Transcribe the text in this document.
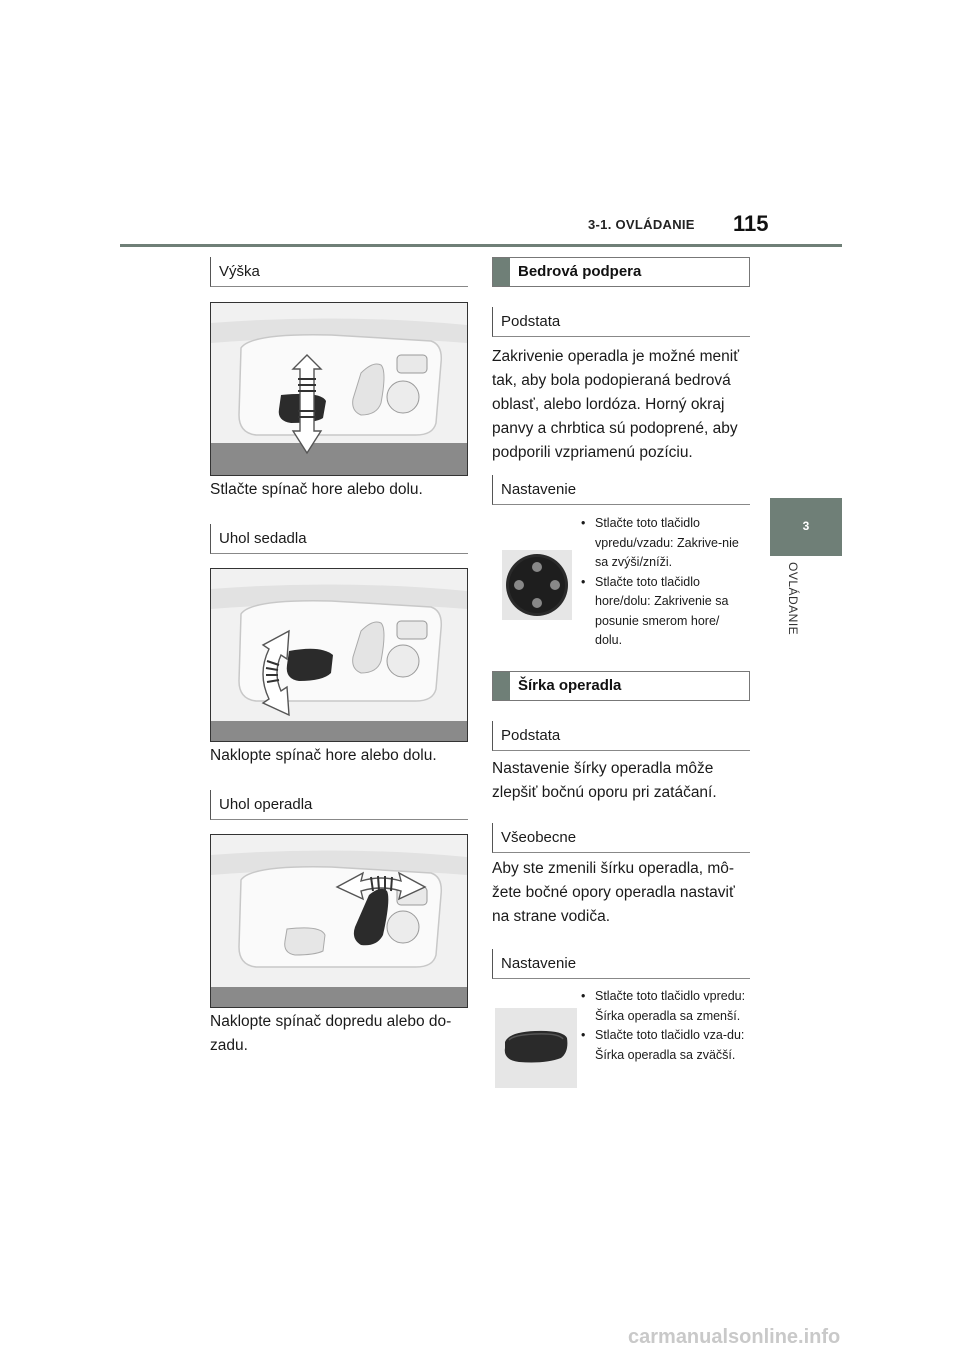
3-1. OVLÁDANIE 115
3
OVLÁDANIE
Výška
Stlačte spínač hore alebo dolu.
Uhol sedadla
Naklopte spínač hore alebo dolu.
Uhol operadla
Naklopte spínač dopredu alebo do-
zadu.
Bedrová podpera
Podstata
Zakrivenie operadla je možné meniť tak, aby bola podopieraná bedrová oblasť, alebo lordóza. Horný okraj panvy a chrbtica sú podoprené, aby podporili vzpriamenú pozíciu.
Nastavenie
• Stlačte toto tlačidlo vpredu/vzadu: Zakrive-nie sa zvýši/zníži.
• Stlačte toto tlačidlo hore/dolu: Zakrivenie sa posunie smerom hore/ dolu.
Šírka operadla
Podstata
Nastavenie šírky operadla môže zlepšiť bočnú oporu pri zatáčaní.
Všeobecne
Aby ste zmenili šírku operadla, mô-žete bočné opory operadla nastaviť na strane vodiča.
Nastavenie
• Stlačte toto tlačidlo vpredu: Šírka operadla sa zmenší.
• Stlačte toto tlačidlo vza-du: Šírka operadla sa zväčší.
carmanualsonline.info
